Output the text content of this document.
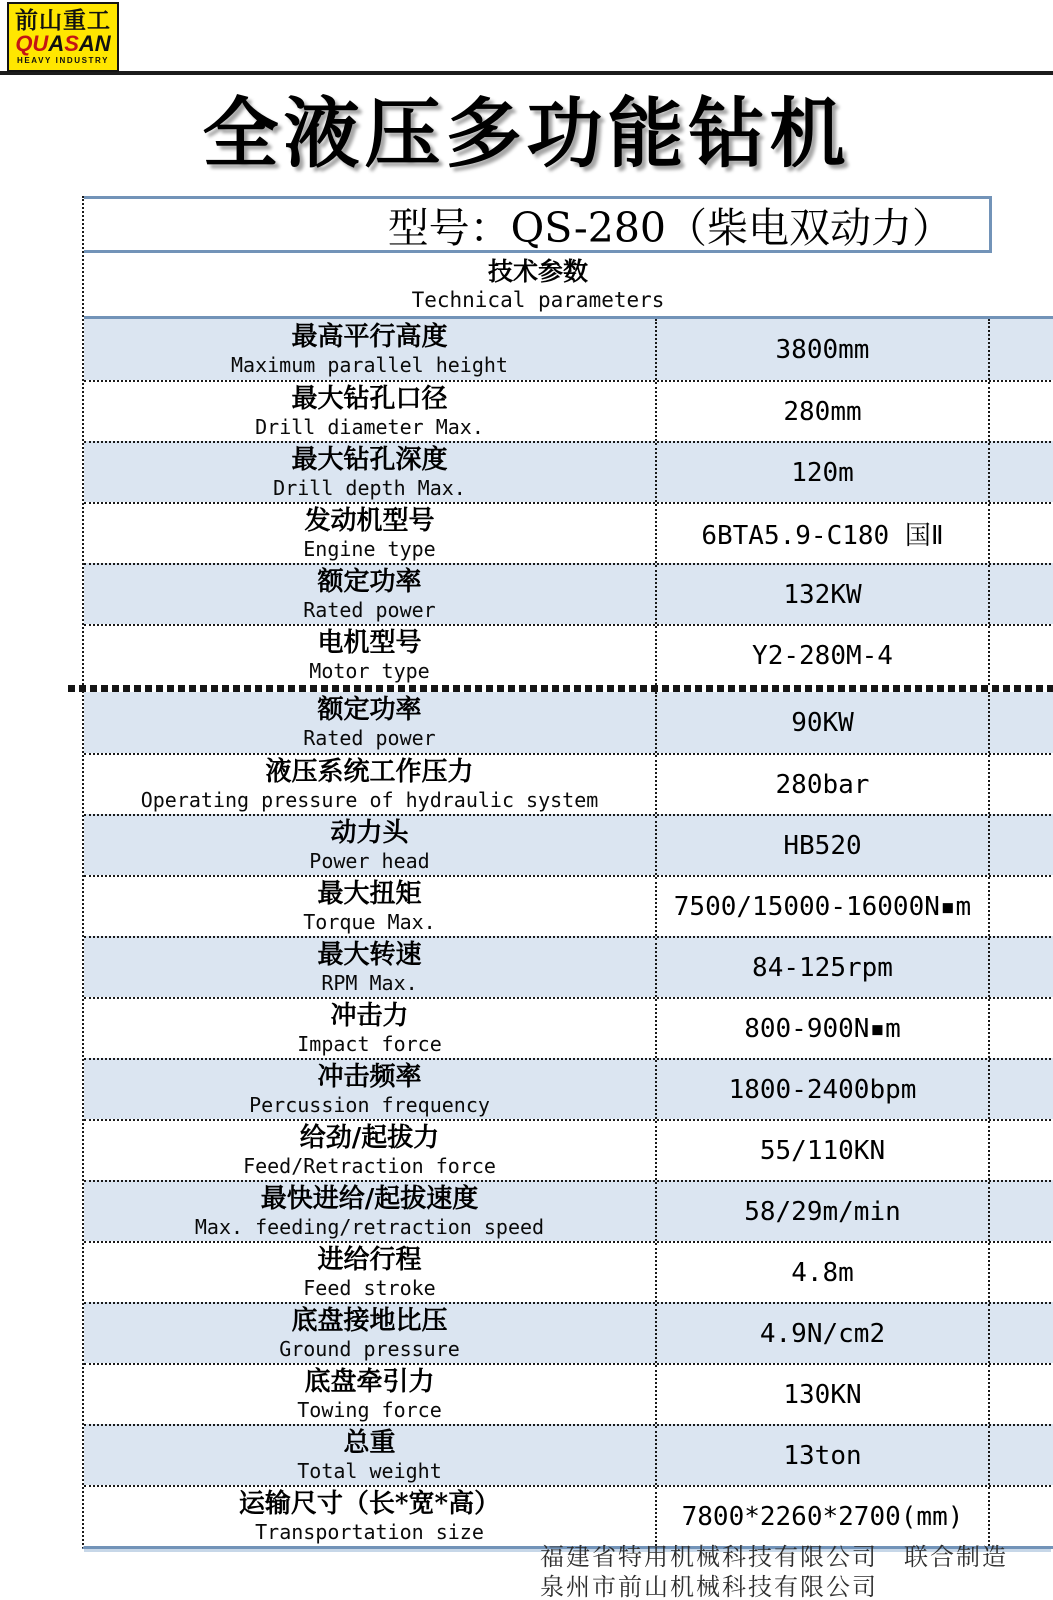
前山重工
QUASAN
HEAVY INDUSTRY
全液压多功能钻机
型号：QS-280（柴电双动力）
技术参数
Technical parameters
最高平行高度
Maximum parallel height	3800mm
最大钻孔口径
Drill diameter Max.	280mm
最大钻孔深度
Drill depth Max.	120m
发动机型号
Engine type	6BTA5.9-C180 国Ⅱ
额定功率
Rated power	132KW
电机型号
Motor type	Y2-280M-4
额定功率
Rated power	90KW
液压系统工作压力
Operating pressure of hydraulic system	280bar
动力头
Power head	HB520
最大扭矩
Torque Max.	7500/15000-16000N▪m
最大转速
RPM Max.	84-125rpm
冲击力
Impact force	800-900N▪m
冲击频率
Percussion frequency	1800-2400bpm
给劲/起拔力
Feed/Retraction force	55/110KN
最快进给/起拔速度
Max. feeding/retraction speed	58/29m/min
进给行程
Feed stroke	4.8m
底盘接地比压
Ground pressure	4.9N/cm2
底盘牵引力
Towing force	130KN
总重
Total weight	13ton
运输尺寸（长*宽*高）
Transportation size	7800*2260*2700(mm)
福建省特用机械科技有限公司　联合制造
泉州市前山机械科技有限公司
